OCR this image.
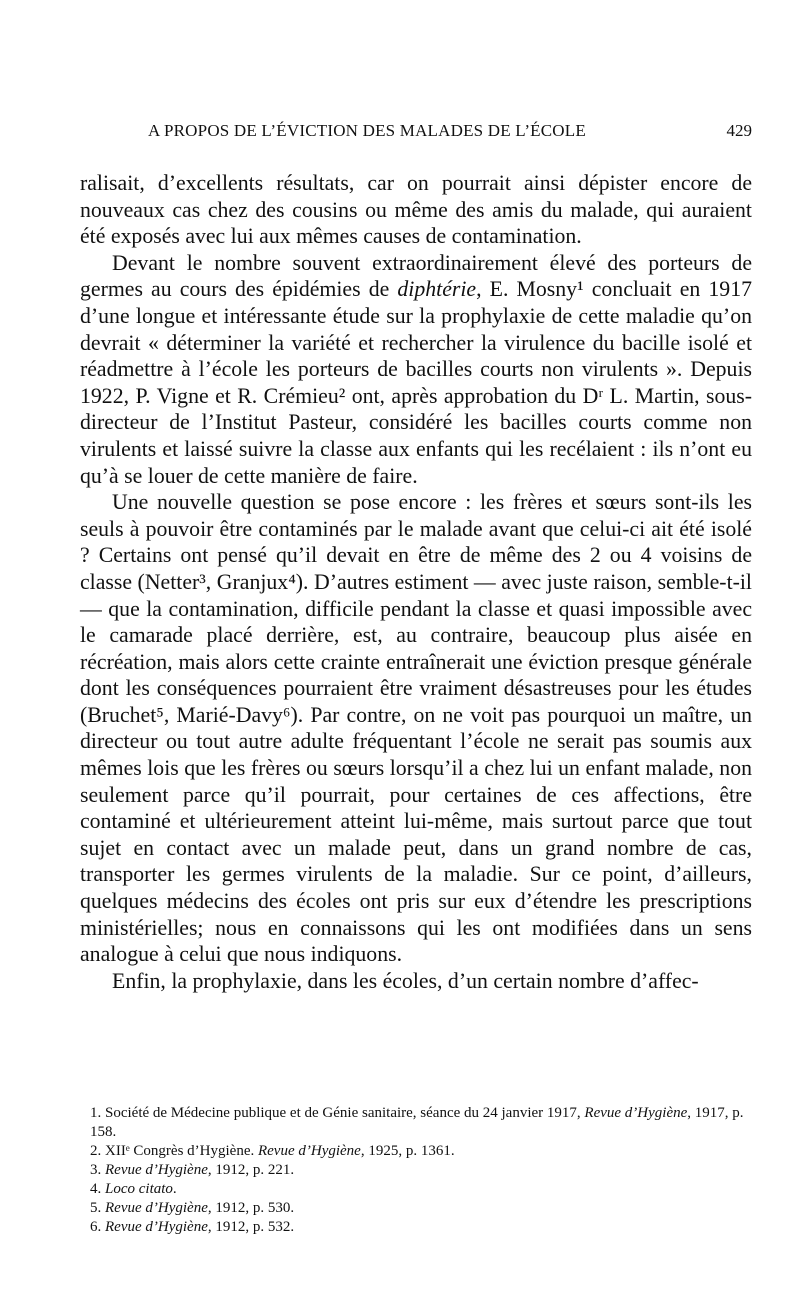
A PROPOS DE L’ÉVICTION DES MALADES DE L’ÉCOLE	429

ralisait, d’excellents résultats, car on pourrait ainsi dépister encore de nouveaux cas chez des cousins ou même des amis du malade, qui auraient été exposés avec lui aux mêmes causes de contamination.

Devant le nombre souvent extraordinairement élevé des porteurs de germes au cours des épidémies de diphtérie, E. Mosny¹ concluait en 1917 d’une longue et intéressante étude sur la prophylaxie de cette maladie qu’on devrait « déterminer la variété et rechercher la virulence du bacille isolé et réadmettre à l’école les porteurs de bacilles courts non virulents ». Depuis 1922, P. Vigne et R. Crémieu² ont, après approbation du Dʳ L. Martin, sous-directeur de l’Institut Pasteur, considéré les bacilles courts comme non virulents et laissé suivre la classe aux enfants qui les recélaient : ils n’ont eu qu’à se louer de cette manière de faire.

Une nouvelle question se pose encore : les frères et sœurs sont-ils les seuls à pouvoir être contaminés par le malade avant que celui-ci ait été isolé ? Certains ont pensé qu’il devait en être de même des 2 ou 4 voisins de classe (Netter³, Granjux⁴). D’autres estiment — avec juste raison, semble-t-il — que la contamination, difficile pendant la classe et quasi impossible avec le camarade placé derrière, est, au contraire, beaucoup plus aisée en récréation, mais alors cette crainte entraînerait une éviction presque générale dont les conséquences pourraient être vraiment désastreuses pour les études (Bruchet⁵, Marié-Davy⁶). Par contre, on ne voit pas pourquoi un maître, un directeur ou tout autre adulte fréquentant l’école ne serait pas soumis aux mêmes lois que les frères ou sœurs lorsqu’il a chez lui un enfant malade, non seulement parce qu’il pourrait, pour certaines de ces affections, être contaminé et ultérieurement atteint lui-même, mais surtout parce que tout sujet en contact avec un malade peut, dans un grand nombre de cas, transporter les germes virulents de la maladie. Sur ce point, d’ailleurs, quelques médecins des écoles ont pris sur eux d’étendre les prescriptions ministérielles; nous en connaissons qui les ont modifiées dans un sens analogue à celui que nous indiquons.

Enfin, la prophylaxie, dans les écoles, d’un certain nombre d’affec-

1. Société de Médecine publique et de Génie sanitaire, séance du 24 janvier 1917, Revue d’Hygiène, 1917, p. 158.

2. XIIᵉ Congrès d’Hygiène. Revue d’Hygiène, 1925, p. 1361.

3. Revue d’Hygiène, 1912, p. 221.

4. Loco citato.

5. Revue d’Hygiène, 1912, p. 530.

6. Revue d’Hygiène, 1912, p. 532.
